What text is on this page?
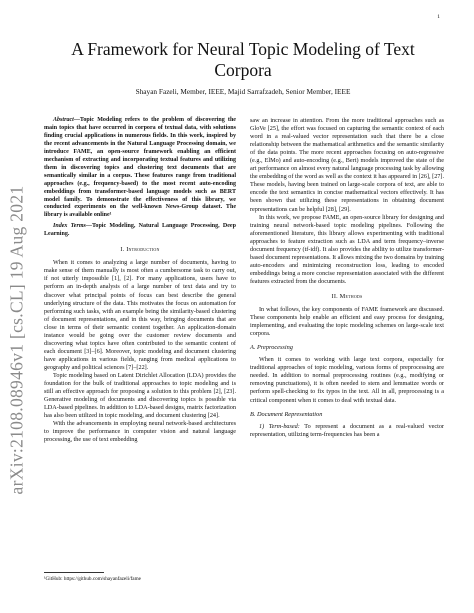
1
arXiv:2108.08946v1 [cs.CL] 19 Aug 2021
A Framework for Neural Topic Modeling of Text Corpora
Shayan Fazeli, Member, IEEE, Majid Sarrafzadeh, Senior Member, IEEE
Abstract—Topic Modeling refers to the problem of discovering the main topics that have occurred in corpora of textual data, with solutions finding crucial applications in numerous fields. In this work, inspired by the recent advancements in the Natural Language Processing domain, we introduce FAME, an open-source framework enabling an efficient mechanism of extracting and incorporating textual features and utilizing them in discovering topics and clustering text documents that are semantically similar in a corpus. These features range from traditional approaches (e.g., frequency-based) to the most recent auto-encoding embeddings from transformer-based language models such as BERT model family. To demonstrate the effectiveness of this library, we conducted experiments on the well-known News-Group dataset. The library is available online¹
Index Terms—Topic Modeling, Natural Language Processing, Deep Learning.
I. Introduction

When it comes to analyzing a large number of documents, having to make sense of them manually is most often a cumbersome task to carry out, if not utterly impossible [1], [2]. For many applications, users have to perform an in-depth analysis of a large number of text data and try to discover what principal points of focus can best describe the general underlying structure of the data. This motivates the focus on automation for performing such tasks, with an example being the similarity-based clustering of document representations, and in this way, bringing documents that are close in terms of their semantic content together. An application-domain instance would be going over the customer review documents and discovering what topics have often contributed to the semantic content of each document [3]–[6]. Moreover, topic modeling and document clustering have applications in various fields, ranging from medical applications to geography and political sciences [7]–[22].

Topic modeling based on Latent Dirichlet Allocation (LDA) provides the foundation for the bulk of traditional approaches to topic modeling and is still an effective approach for proposing a solution to this problem [2], [23]. Generative modeling of documents and discovering topics is possible via LDA-based pipelines. In addition to LDA-based designs, matrix factorization has also been utilized in topic modeling, and document clustering [24].

With the advancements in employing neural network-based architectures to improve the performance in computer vision and natural language processing, the use of text embedding

saw an increase in attention. From the more traditional approaches such as GloVe [25], the effort was focused on capturing the semantic context of each word in a real-valued vector representation such that there be a close relationship between the mathematical arithmetics and the semantic similarity of the data points. The more recent approaches focusing on auto-regressive (e.g., ElMo) and auto-encoding (e.g., Bert) models improved the state of the art performance on almost every natural language processing task by allowing the embedding of the word as well as the context it has appeared in [26], [27]. These models, having been trained on large-scale corpora of text, are able to encode the text semantics in concise mathematical vectors effectively. It has been shown that utilizing these representations in obtaining document representations can be helpful [28], [29].

In this work, we propose FAME, an open-source library for designing and training neural network-based topic modeling pipelines. Following the aforementioned literature, this library allows experimenting with traditional approaches to feature extraction such as LDA and term frequency–inverse document frequency (tf-idf). It also provides the ability to utilize transformer-based document representations. It allows mixing the two domains by training auto-encoders and minimizing reconstruction loss, leading to encoded embeddings being a more concise representation associated with the different features extracted from the documents.

II. Methods

In what follows, the key components of FAME framework are discussed. These components help enable an efficient and easy process for designing, implementing, and evaluating the topic modeling schemes on large-scale text corpora.

A. Preprocessing

When it comes to working with large text corpora, especially for traditional approaches of topic modeling, various forms of preprocessing are needed. In addition to normal preprocessing routines (e.g., modifying or removing punctuations), it is often needed to stem and lemmatize words or perform spell-checking to fix typos in the text. All in all, preprocessing is a critical component when it comes to deal with textual data.

B. Document Representation

1) Term-based: To represent a document as a real-valued vector representation, utilizing term-frequencies has been a

¹GitHub: https://github.com/shayanfazeli/fame
